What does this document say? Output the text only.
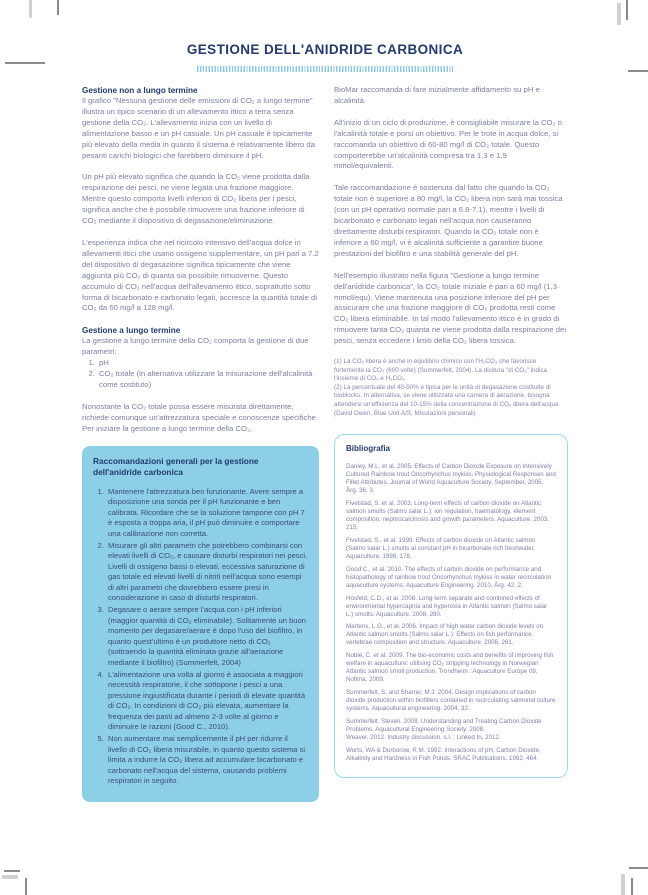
GESTIONE DELL'ANIDRIDE CARBONICA
Gestione non a lungo termine

Il grafico "Nessuna gestione delle emissioni di CO₂ a lungo termine" illustra un tipico scenario di un allevamento ittico a terra senza gestione della CO₂. L'allevamento inizia con un livello di alimentazione basso e un pH casuale. Un pH casuale è tipicamente più elevato della media in quanto il sistema è relativamente libero da pesanti carichi biologici che farebbero diminuire il pH.

Un pH più elevato significa che quando la CO₂ viene prodotta dalla respirazione dei pesci, ne viene legata una frazione maggiore. Mentre questo comporta livelli inferiori di CO₂ libera per i pesci, significa anche che è possibile rimuovere una frazione inferiore di CO₂ mediante il dispositivo di degasazione/eliminazione.

L'esperienza indica che nel ricircolo intensivo dell'acqua dolce in allevamenti ittici che usano ossigeno supplementare, un pH pari a 7.2 del dispositivo di degasazione significa tipicamente che viene aggiunta più CO₂ di quanta sia possibile rimuoverne. Questo accumulo di CO₂ nell'acqua dell'allevamento ittico, soprattutto sotto forma di bicarbonato e carbonato legati, accresce la quantità totale di CO₂ da 60 mg/l a 128 mg/l.

Gestione a lungo termine

La gestione a lungo termine della CO₂ comporta la gestione di due parametri:

1. pH
2. CO₂ totale (in alternativa utilizzare la misurazione dell'alcalinità come sostituto)

Nonostante la CO₂ totale possa essere misurata direttamente, richiede comunque un'attrezzatura speciale e conoscenze specifiche. Per iniziare la gestione a lungo termine della CO₂,

Raccomandazioni generali per la gestione dell'anidride carbonica
1. Mantenere l'attrezzatura ben funzionante. Avere sempre a disposizione una sonda per il pH funzionante e ben calibrata. Ricordare che se la soluzione tampone con pH 7 è esposta a troppa aria, il pH può diminuire e comportare una calibrazione non corretta.
2. Misurare gli altri parametri che potrebbero combinarsi con elevati livelli di CO₂, e causare disturbi respiratori nei pesci. Livelli di ossigeno bassi o elevati, eccessiva saturazione di gas totale ed elevati livelli di nitriti nell'acqua sono esempi di altri parametri che dovrebbero essere presi in considerazione in caso di disturbi respiratori.
3. Degasare o aerare sempre l'acqua con i pH inferiori (maggior quantità di CO₂ eliminabile). Solitamente un buon momento per degasare/aerare è dopo l'uso del biofiltro, in quanto quest'ultimo è un produttore netto di CO₂ (sottraendo la quantità eliminata grazie all'aerazione mediante il biofiltro) (Summerfelt, 2004)
4. L'alimentazione una volta al giorno è associata a maggiori necessità respiratorie, il che sottopone i pesci a una pressione ingiustificata durante i periodi di elevate quantità di CO₂. In condizioni di CO₂ più elevata, aumentare la frequenza dei pasti ad almeno 2-3 volte al giorno e diminuire le razioni (Good C., 2010).
5. Non aumentare mai semplicemente il pH per ridurre il livello di CO₂ libera misurabile, in quanto questo sistema si limita a indurre la CO₂ libera ad accumulare bicarbonato e carbonato nell'acqua del sistema, causando problemi respiratori in seguito.

BioMar raccomanda di fare inizialmente affidamento su pH e alcalinità.

All'inizio di un ciclo di produzione, è consigliabile misurare la CO₂ o l'alcalinità totale e porsi un obiettivo. Per le trote in acqua dolce, si raccomanda un obiettivo di 60-80 mg/l di CO₂ totale. Questo comporterebbe un'alcalinità compresa tra 1,3 e 1,9 mmol/equivalenti.

Tale raccomandazione è sostenuta dal fatto che quando la CO₂ totale non è superiore a 80 mg/l, la CO₂ libera non sarà mai tossica (con un pH operativo normale pari a 6.8-7.1), mentre i livelli di bicarbonato e carbonato legati nell'acqua non causeranno direttamente disturbi respiratori. Quando la CO₂ totale non è inferiore a 60 mg/l, vi è alcalinità sufficiente a garantire buone prestazioni del biofiltro e una stabilità generale del pH.

Nell'esempio illustrato nella figura "Gestione a lungo termine dell'anidride carbonica", la CO₂ totale iniziale è pari a 60 mg/l (1,3 mmol/equ). Viene mantenuta una posizione inferiore del pH per assicurare che una frazione maggiore di CO₂ prodotta resti come CO₂ libera eliminabile. In tal modo l'allevamento ittico è in grado di rimuovere tanta CO₂ quanta ne viene prodotta dalla respirazione dei pesci, senza eccedere i limiti della CO₂ libera tossica.

(1) La CO₂ libera è anche in equilibrio chimico con l'H₂CO₃ che favorisce fortemente la CO₂ (600 volte) (Summerfelt, 2004). La dicitura "di CO₂" indica l'insieme di CO₂ e H₂CO₃

(2) La percentuale del 40-50% è tipica per le unità di degasazione costituite di bioblocks. In alternativa, se viene utilizzata una camera di aerazione, bisogna attendersi un'efficienza del 10-15% della concentrazione di CO₂ libera dell'acqua (David Owen, Blue Unit A/S, Misurazioni personali)

Bibliografia

Danley, M.L. et al. 2005. Effects of Carbon Dioxide Exposure on Intensively Cultured Rainbow trout Oncorhynchus mykiss. Physiological Responses and Fillet Attributes. Journal of World Aquaculture Society. September, 2005, Årg. 36, 3.

Fivelstad, S. et al. 2003. Long-term effects of carbon dioxide on Atlantic salmon smolts (Salmo salar L.): ion regulation, haematology, element composition, nephrocalcinosis and growth parameters. Aquaculture. 2003, 215.

Fivelstad, S., et al. 1999. Effects of carbon dioxide on Atlantic salmon (Salmo salar L.) smolts at constant pH in bicarbonate rich freshwater. Aquaculture. 1999, 178.

Good C., et al. 2010. The effects of carbon dioxide on performance and histopathology of rainbow trout Oncorhynchus mykiss in water recirculation aquaculture systems. Aquaculture Engineering. 2010, Årg. 42, 2.

Hosfeld, C.D., et al. 2008. Long-term separate and combined effects of environmental hypercapnia and hyperoxia in Atlantic salmon (Salmo salar L.) smolts. Aquaculture. 2008, 280.

Martens, L.G., et al. 2006. Impact of high water carbon dioxide levels on Atlantic salmon smolts (Salmo salar L.): Effects on fish performance, vertebrae composition and structure. Aquaculture. 2006, 261.

Noble, C. et al. 2009. The bio-economic costs and benefits of improving fish welfare in aquaculture: utilising CO₂ stripping technology in Norwegian Atlantic salmon smolt production. Trondheim : Aquaculture Europe 09, Nofima, 2009.

Summerfelt, S, and Sharrer, M.J. 2004. Design implications of carbon dioxide production within biofilters contained in recirculating salmonid culture systems. Aquacultural engineering. 2004, 32.

Summerfelt, Steven. 2008. Understanding and Treating Carbon Dioxide Problems. Aquacultural Engineering Society. 2008.

Weaver. 2012. Industry discussion. s.l. : Linked In, 2012.

Wurts, WA & Durborow, R.M. 1992. Interactions of pH, Carbon Dioxide, Alkalinity and Hardness in Fish Ponds. SRAC Publications. 1992, 464.
